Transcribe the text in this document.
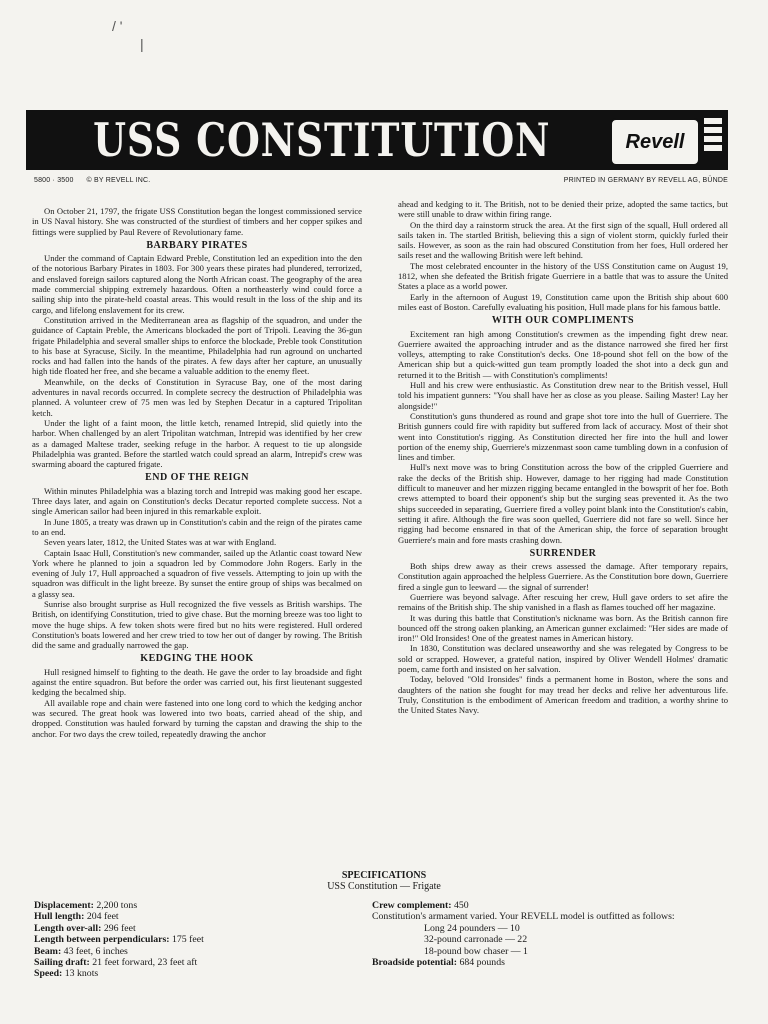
/ '
|
USS CONSTITUTION	Revell
5800 · 3500 © BY REVELL INC.	PRINTED IN GERMANY BY REVELL AG, BÜNDE

On October 21, 1797, the frigate USS Constitution began the longest commissioned service in US Naval history. She was constructed of the sturdiest of timbers and her copper spikes and fittings were supplied by Paul Revere of Revolutionary fame.

BARBARY PIRATES

Under the command of Captain Edward Preble, Constitution led an expedition into the den of the notorious Barbary Pirates in 1803. For 300 years these pirates had plundered, terrorized, and enslaved foreign sailors captured along the North African coast. The geography of the area made commercial shipping extremely hazardous. Often a northeasterly wind could force a sailing ship into the pirate-held coastal areas. This would result in the loss of the ship and its cargo, and lifelong enslavement for its crew.

Constitution arrived in the Mediterranean area as flagship of the squadron, and under the guidance of Captain Preble, the Americans blockaded the port of Tripoli. Leaving the 36-gun frigate Philadelphia and several smaller ships to enforce the blockade, Preble took Constitution to his base at Syracuse, Sicily. In the meantime, Philadelphia had run aground on uncharted rocks and had fallen into the hands of the pirates. A few days after her capture, an unusually high tide floated her free, and she became a valuable addition to the enemy fleet.

Meanwhile, on the decks of Constitution in Syracuse Bay, one of the most daring adventures in naval records occurred. In complete secrecy the destruction of Philadelphia was planned. A volunteer crew of 75 men was led by Stephen Decatur in a captured Tripolitan ketch.

Under the light of a faint moon, the little ketch, renamed Intrepid, slid quietly into the harbor. When challenged by an alert Tripolitan watchman, Intrepid was identified by her crew as a damaged Maltese trader, seeking refuge in the harbor. A request to tie up alongside Philadelphia was granted. Before the startled watch could spread an alarm, Intrepid's crew was swarming aboard the captured frigate.

END OF THE REIGN

Within minutes Philadelphia was a blazing torch and Intrepid was making good her escape. Three days later, and again on Constitution's decks Decatur reported complete success. Not a single American sailor had been injured in this remarkable exploit.

In June 1805, a treaty was drawn up in Constitution's cabin and the reign of the pirates came to an end.

Seven years later, 1812, the United States was at war with England.

Captain Isaac Hull, Constitution's new commander, sailed up the Atlantic coast toward New York where he planned to join a squadron led by Commodore John Rogers. Early in the evening of July 17, Hull approached a squadron of five vessels. Attempting to join up with the squadron was difficult in the light breeze. By sunset the entire group of ships was becalmed on a glassy sea.

Sunrise also brought surprise as Hull recognized the five vessels as British warships. The British, on identifying Constitution, tried to give chase. But the morning breeze was too light to move the huge ships. A few token shots were fired but no hits were registered. Hull ordered Constitution's boats lowered and her crew tried to tow her out of danger by rowing. The British did the same and gradually narrowed the gap.

KEDGING THE HOOK

Hull resigned himself to fighting to the death. He gave the order to lay broadside and fight against the entire squadron. But before the order was carried out, his first lieutenant suggested kedging the becalmed ship.

All available rope and chain were fastened into one long cord to which the kedging anchor was secured. The great hook was lowered into two boats, carried ahead of the ship, and dropped. Constitution was hauled forward by turning the capstan and drawing the ship to the anchor. For two days the crew toiled, repeatedly drawing the anchor

ahead and kedging to it. The British, not to be denied their prize, adopted the same tactics, but were still unable to draw within firing range.

On the third day a rainstorm struck the area. At the first sign of the squall, Hull ordered all sails taken in. The startled British, believing this a sign of violent storm, quickly furled their sails. However, as soon as the rain had obscured Constitution from her foes, Hull ordered her sails reset and the wallowing British were left behind.

The most celebrated encounter in the history of the USS Constitution came on August 19, 1812, when she defeated the British frigate Guerriere in a battle that was to assure the United States a place as a world power.

Early in the afternoon of August 19, Constitution came upon the British ship about 600 miles east of Boston. Carefully evaluating his position, Hull made plans for his famous battle.

WITH OUR COMPLIMENTS

Excitement ran high among Constitution's crewmen as the impending fight drew near. Guerriere awaited the approaching intruder and as the distance narrowed she fired her first volleys, attempting to rake Constitution's decks. One 18-pound shot fell on the bow of the American ship but a quick-witted gun team promptly loaded the shot into a deck gun and returned it to the British — with Constitution's compliments!

Hull and his crew were enthusiastic. As Constitution drew near to the British vessel, Hull told his impatient gunners: "You shall have her as close as you please. Sailing Master! Lay her alongside!"

Constitution's guns thundered as round and grape shot tore into the hull of Guerriere. The British gunners could fire with rapidity but suffered from lack of accuracy. Most of their shot went into Constitution's rigging. As Constitution directed her fire into the hull and lower portion of the enemy ship, Guerriere's mizzenmast soon came tumbling down in a confusion of lines and timber.

Hull's next move was to bring Constitution across the bow of the crippled Guerriere and rake the decks of the British ship. However, damage to her rigging had made Constitution difficult to maneuver and her mizzen rigging became entangled in the bowsprit of her foe. Both crews attempted to board their opponent's ship but the surging seas prevented it. As the two ships succeeded in separating, Guerriere fired a volley point blank into the Constitution's cabin, setting it afire. Although the fire was soon quelled, Guerriere did not fare so well. Since her rigging had become ensnared in that of the American ship, the force of separation brought Guerriere's main and fore masts crashing down.

SURRENDER

Both ships drew away as their crews assessed the damage. After temporary repairs, Constitution again approached the helpless Guerriere. As the Constitution bore down, Guerriere fired a single gun to leeward — the signal of surrender!

Guerriere was beyond salvage. After rescuing her crew, Hull gave orders to set afire the remains of the British ship. The ship vanished in a flash as flames touched off her magazine.

It was during this battle that Constitution's nickname was born. As the British cannon fire bounced off the strong oaken planking, an American gunner exclaimed: "Her sides are made of iron!" Old Ironsides! One of the greatest names in American history.

In 1830, Constitution was declared unseaworthy and she was relegated by Congress to be sold or scrapped. However, a grateful nation, inspired by Oliver Wendell Holmes' dramatic poem, came forth and insisted on her salvation.

Today, beloved "Old Ironsides" finds a permanent home in Boston, where the sons and daughters of the nation she fought for may tread her decks and relive her adventurous life. Truly, Constitution is the embodiment of American freedom and tradition, a worthy shrine to the United States Navy.

SPECIFICATIONS
USS Constitution — Frigate
Displacement: 2,200 tons
Hull length: 204 feet
Length over-all: 296 feet
Length between perpendiculars: 175 feet
Beam: 43 feet, 6 inches
Sailing draft: 21 feet forward, 23 feet aft
Speed: 13 knots
Crew complement: 450
Constitution's armament varied. Your REVELL model is outfitted as follows:
Long 24 pounders — 10
32-pound carronade — 22
18-pound bow chaser — 1
Broadside potential: 684 pounds
